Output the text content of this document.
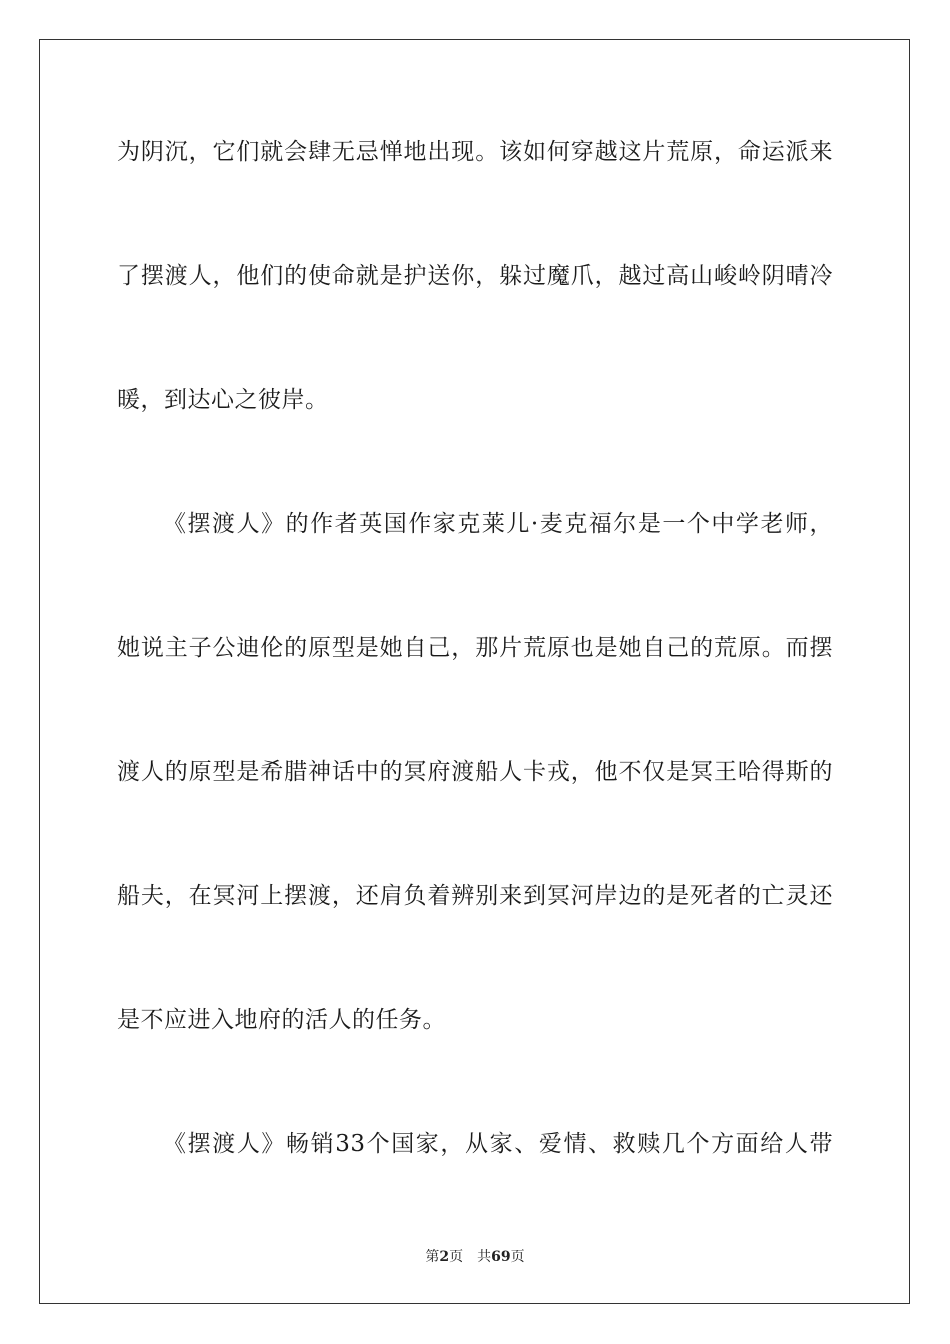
为阴沉，它们就会肆无忌惮地出现。该如何穿越这片荒原，命运派来
了摆渡人，他们的使命就是护送你，躲过魔爪，越过高山峻岭阴晴冷
暖，到达心之彼岸。
《摆渡人》的作者英国作家克莱儿·麦克福尔是一个中学老师，
她说主子公迪伦的原型是她自己，那片荒原也是她自己的荒原。而摆
渡人的原型是希腊神话中的冥府渡船人卡戎，他不仅是冥王哈得斯的
船夫，在冥河上摆渡，还肩负着辨别来到冥河岸边的是死者的亡灵还
是不应进入地府的活人的任务。
《摆渡人》畅销33个国家，从家、爱情、救赎几个方面给人带
第2页 共69页
